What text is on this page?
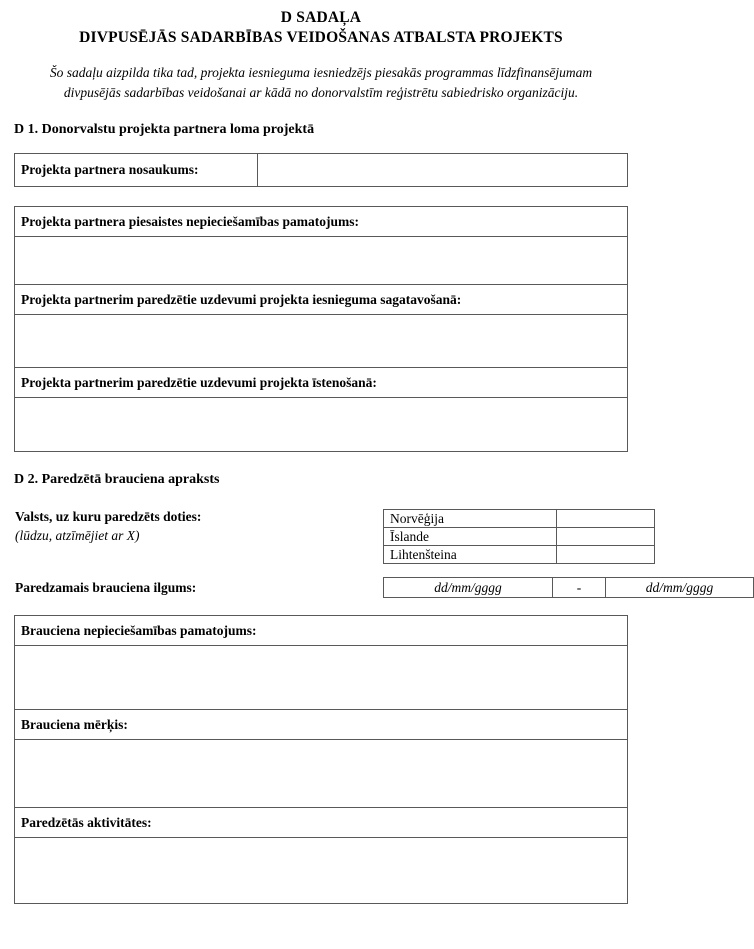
D SADAĻA
DIVPUSĒJĀS SADARBĪBAS VEIDOŠANAS ATBALSTA PROJEKTS
Šo sadaļu aizpilda tika tad, projekta iesnieguma iesniedzējs piesakās programmas līdzfinansējumam divpusējās sadarbības veidošanai ar kādā no donorvalstīm reģistrētu sabiedrisko organizāciju.
D 1. Donorvalstu projekta partnera loma projektā
Projekta partnera nosaukums:	
Projekta partnera piesaistes nepieciešamības pamatojums:

Projekta partnerim paredzētie uzdevumi projekta iesnieguma sagatavošanā:

Projekta partnerim paredzētie uzdevumi projekta īstenošanā:

D 2. Paredzētā brauciena apraksts
Valsts, uz kuru paredzēts doties:
(lūdzu, atzīmējiet ar X)
Norvēģija	
Īslande	
Lihtenšteina	
Paredzamais brauciena ilgums:	dd/mm/gggg	-	dd/mm/gggg
Brauciena nepieciešamības pamatojums:

Brauciena mērķis:

Paredzētās aktivitātes:
